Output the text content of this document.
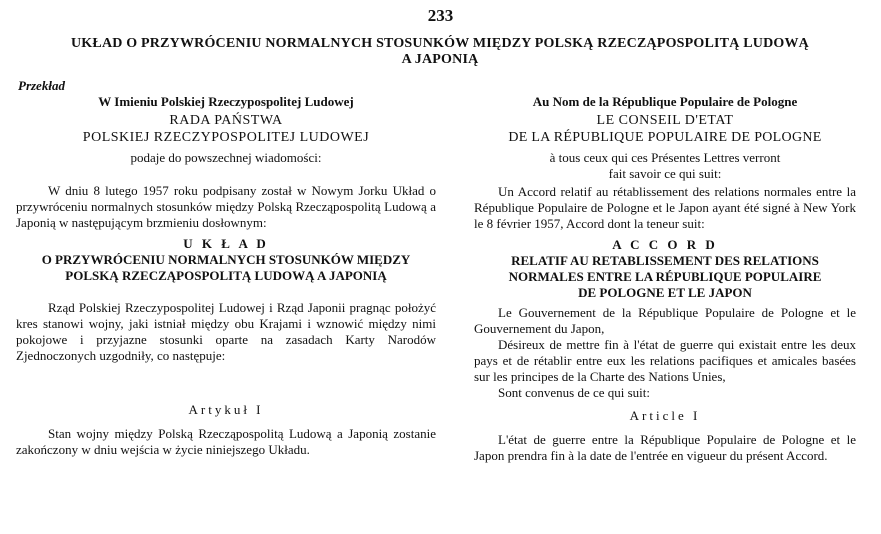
233
UKŁAD O PRZYWRÓCENIU NORMALNYCH STOSUNKÓW MIĘDZY POLSKĄ RZECZĄPOSPOLITĄ LUDOWĄ
A JAPONIĄ
Przekład

W Imieniu Polskiej Rzeczypospolitej Ludowej

RADA PAŃSTWA

POLSKIEJ RZECZYPOSPOLITEJ LUDOWEJ

podaje do powszechnej wiadomości:

W dniu 8 lutego 1957 roku podpisany został w Nowym Jorku Układ o przywróceniu normalnych stosunków między Polską Rzecząpospolitą Ludową a Japonią w następującym brzmieniu dosłownym:

U K Ł A D

O PRZYWRÓCENIU NORMALNYCH STOSUNKÓW MIĘDZY

POLSKĄ RZECZĄPOSPOLITĄ LUDOWĄ A JAPONIĄ

Rząd Polskiej Rzeczypospolitej Ludowej i Rząd Japonii pragnąc położyć kres stanowi wojny, jaki istniał między obu Krajami i wznowić między nimi pokojowe i przyjazne stosunki oparte na zasadach Karty Narodów Zjednoczonych uzgodniły, co następuje:

Artykuł I

Stan wojny między Polską Rzecząpospolitą Ludową a Japonią zostanie zakończony w dniu wejścia w życie niniejszego Układu.

Au Nom de la République Populaire de Pologne

LE CONSEIL D'ETAT

DE LA RÉPUBLIQUE POPULAIRE DE POLOGNE

à tous ceux qui ces Présentes Lettres verront

fait savoir ce qui suit:

Un Accord relatif au rétablissement des relations normales entre la République Populaire de Pologne et le Japon ayant été signé à New York le 8 février 1957, Accord dont la teneur suit:

A C C O R D

RELATIF AU RETABLISSEMENT DES RELATIONS

NORMALES ENTRE LA RÉPUBLIQUE POPULAIRE

DE POLOGNE ET LE JAPON

Le Gouvernement de la République Populaire de Pologne et le Gouvernement du Japon,

Désireux de mettre fin à l'état de guerre qui existait entre les deux pays et de rétablir entre eux les relations pacifiques et amicales basées sur les principes de la Charte des Nations Unies,

Sont convenus de ce qui suit:

Article I

L'état de guerre entre la République Populaire de Pologne et le Japon prendra fin à la date de l'entrée en vigueur du présent Accord.
